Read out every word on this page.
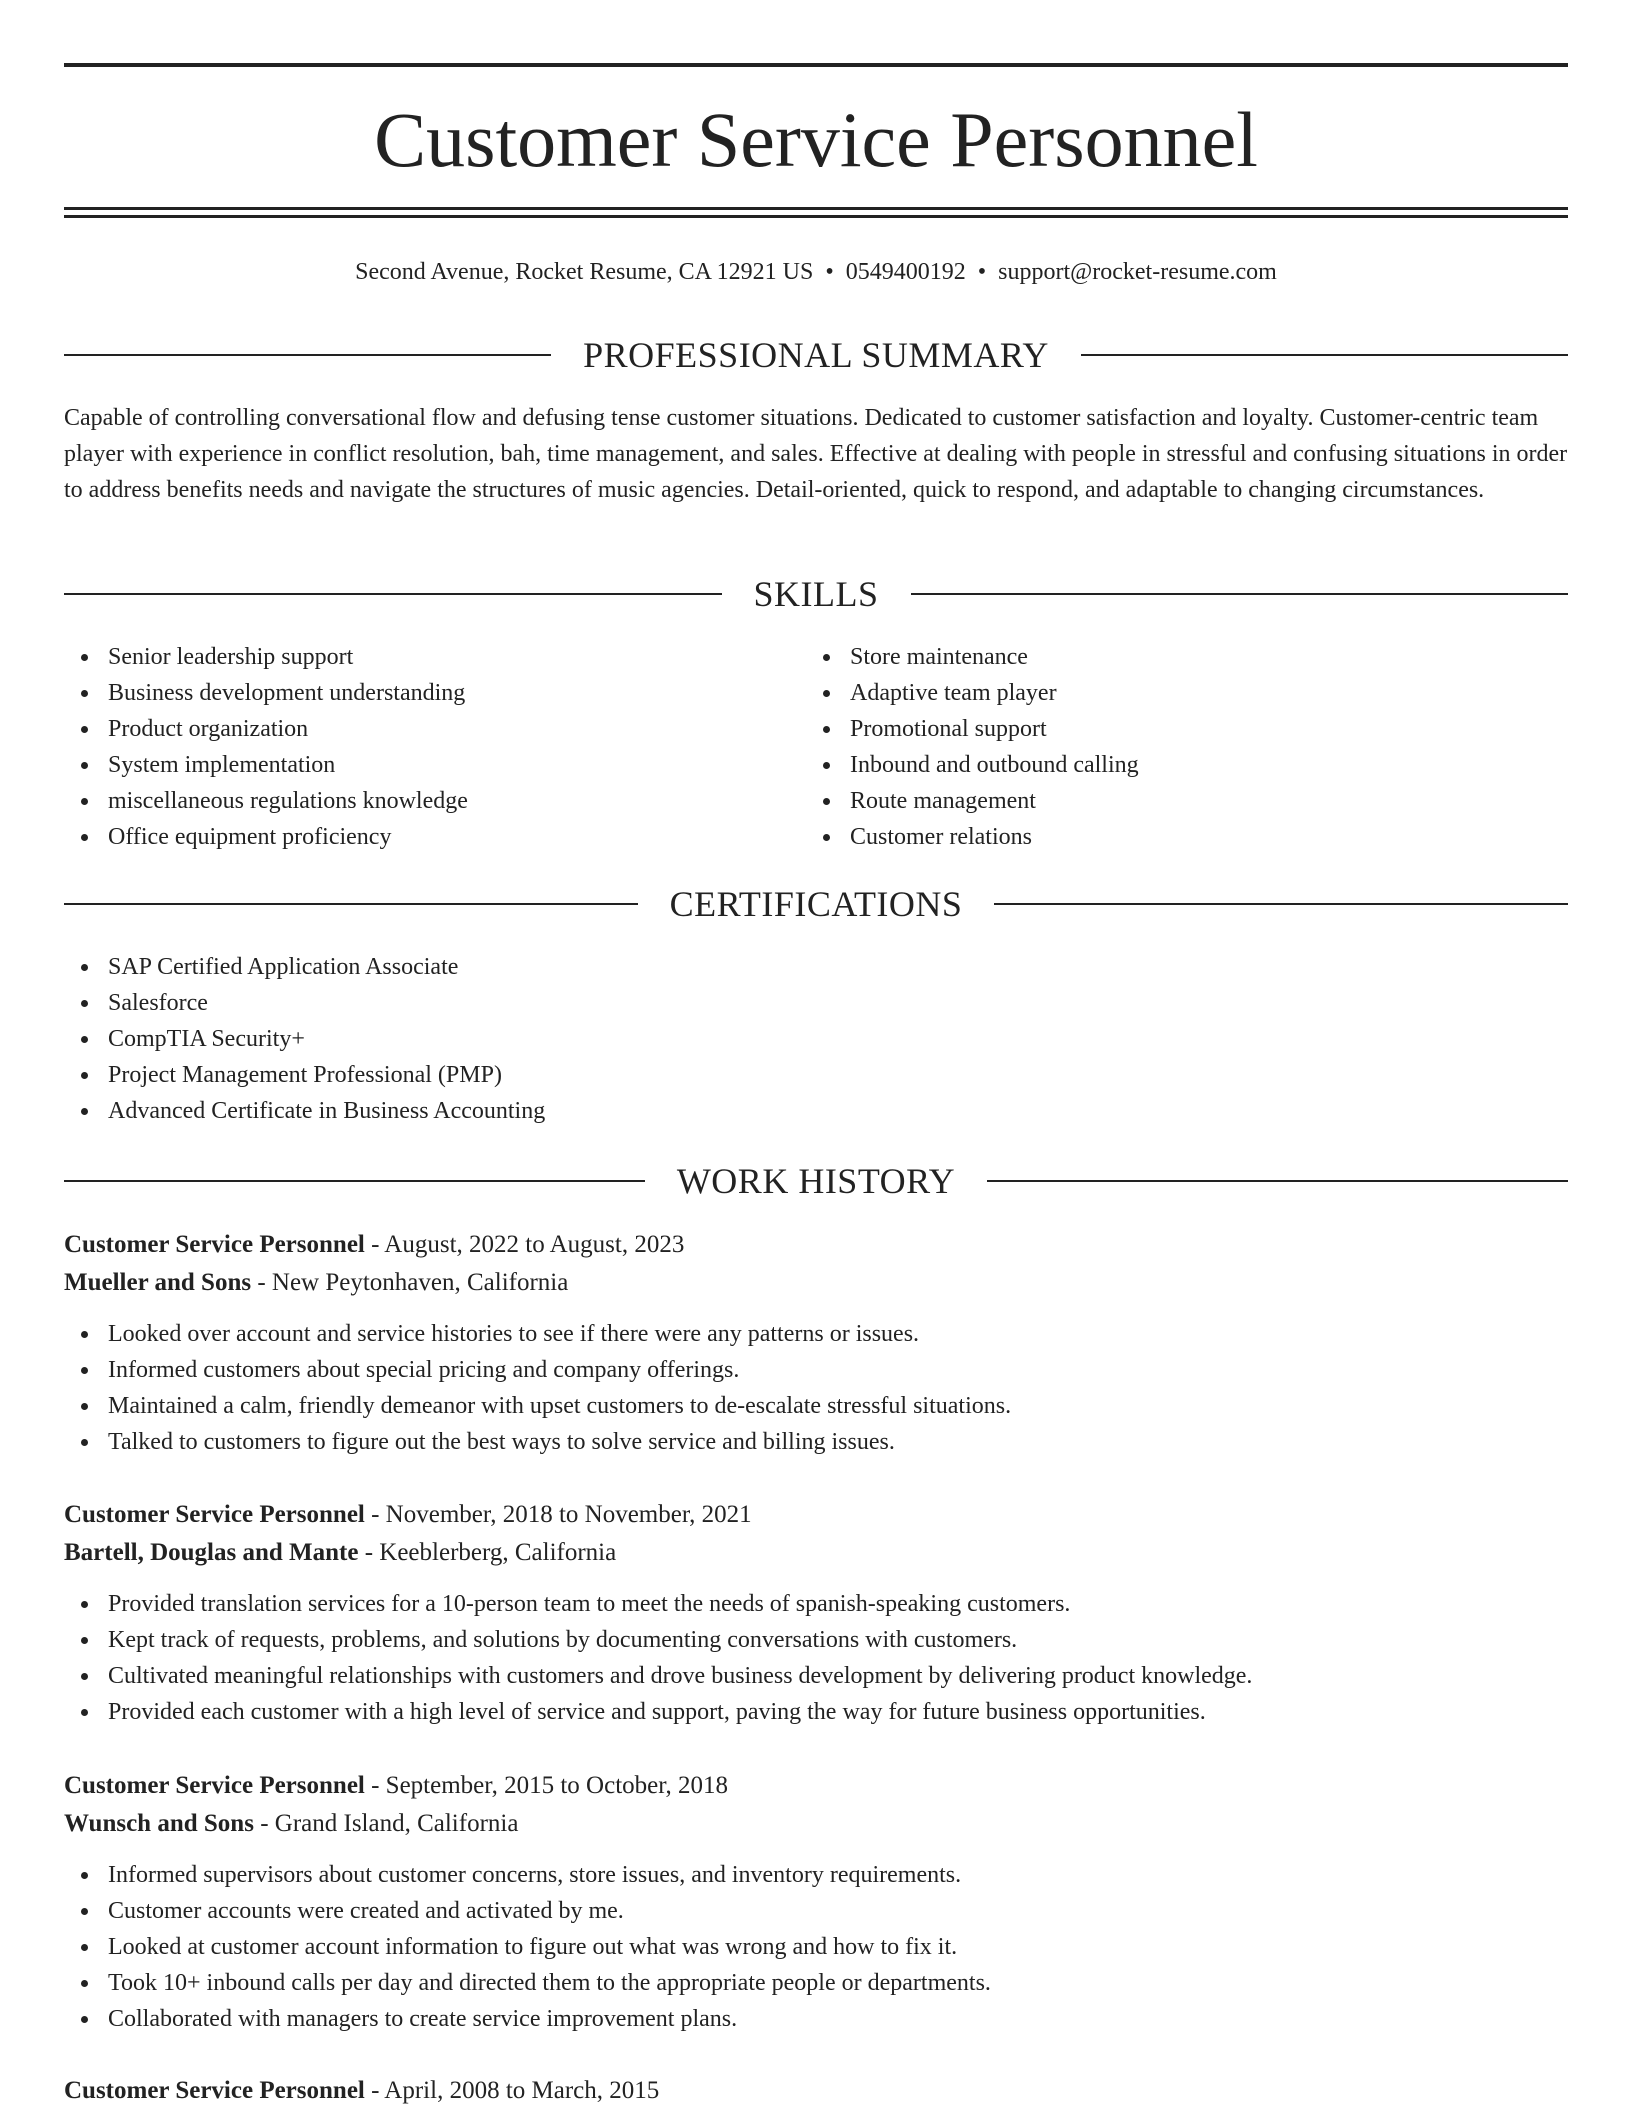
Customer Service Personnel
Second Avenue, Rocket Resume, CA 12921 US • 0549400192 • support@rocket-resume.com
PROFESSIONAL SUMMARY

Capable of controlling conversational flow and defusing tense customer situations. Dedicated to customer satisfaction and loyalty. Customer-centric team player with experience in conflict resolution, bah, time management, and sales. Effective at dealing with people in stressful and confusing situations in order to address benefits needs and navigate the structures of music agencies. Detail-oriented, quick to respond, and adaptable to changing circumstances.

SKILLS
Senior leadership support
Business development understanding
Product organization
System implementation
miscellaneous regulations knowledge
Office equipment proficiency
Store maintenance
Adaptive team player
Promotional support
Inbound and outbound calling
Route management
Customer relations
CERTIFICATIONS
SAP Certified Application Associate
Salesforce
CompTIA Security+
Project Management Professional (PMP)
Advanced Certificate in Business Accounting
WORK HISTORY
Customer Service Personnel - August, 2022 to August, 2023
Mueller and Sons - New Peytonhaven, California
Looked over account and service histories to see if there were any patterns or issues.
Informed customers about special pricing and company offerings.
Maintained a calm, friendly demeanor with upset customers to de-escalate stressful situations.
Talked to customers to figure out the best ways to solve service and billing issues.
Customer Service Personnel - November, 2018 to November, 2021
Bartell, Douglas and Mante - Keeblerberg, California
Provided translation services for a 10-person team to meet the needs of spanish-speaking customers.
Kept track of requests, problems, and solutions by documenting conversations with customers.
Cultivated meaningful relationships with customers and drove business development by delivering product knowledge.
Provided each customer with a high level of service and support, paving the way for future business opportunities.
Customer Service Personnel - September, 2015 to October, 2018
Wunsch and Sons - Grand Island, California
Informed supervisors about customer concerns, store issues, and inventory requirements.
Customer accounts were created and activated by me.
Looked at customer account information to figure out what was wrong and how to fix it.
Took 10+ inbound calls per day and directed them to the appropriate people or departments.
Collaborated with managers to create service improvement plans.
Customer Service Personnel - April, 2008 to March, 2015
